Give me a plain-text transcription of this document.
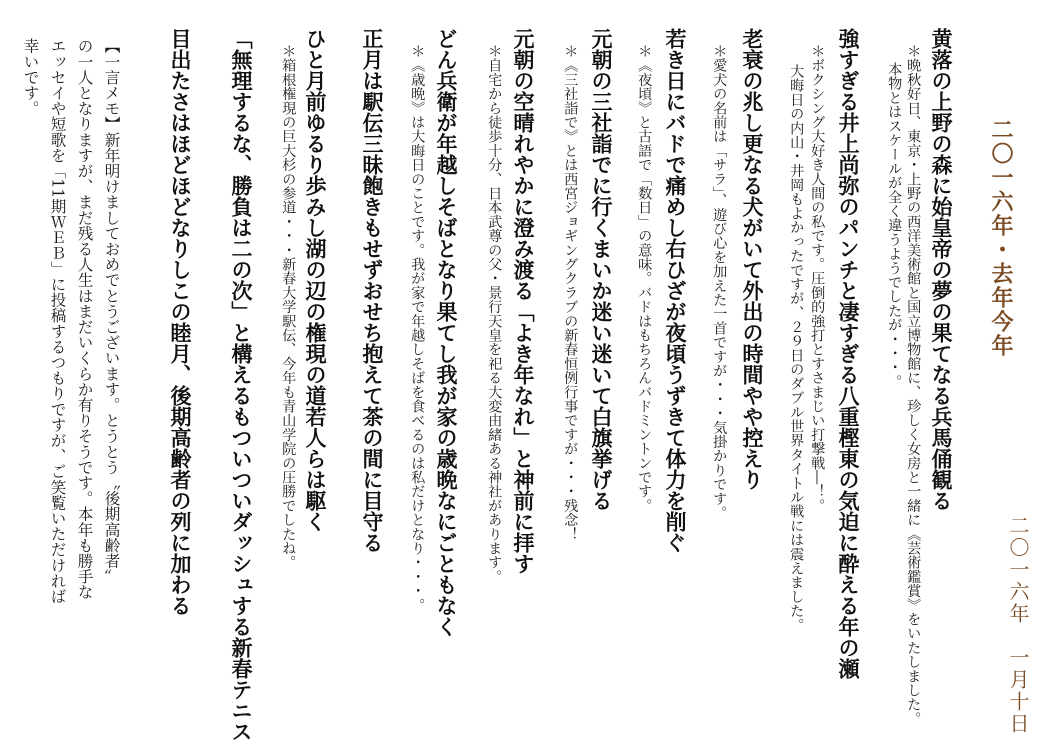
二〇一六年・去年今年
二〇一六年　一月十日
黄落の上野の森に始皇帝の夢の果てなる兵馬俑観る
＊晩秋好日、東京・上野の西洋美術館と国立博物館に、珍しく女房と一緒に《芸術鑑賞》をいたしました。
本物とはスケールが全く違うようでしたが・・・。
強すぎる井上尚弥のパンチと凄すぎる八重樫東の気迫に酔える年の瀬
＊ボクシング大好き人間の私です。圧倒的強打とすさまじい打撃戦―！。
大晦日の内山・井岡もよかったですが、２９日のダブル世界タイトル戦には震えました。
老衰の兆し更なる犬がいて外出の時間やや控えり
＊愛犬の名前は「サラ」、遊び心を加えた一首ですが・・・気掛かりです。
若き日にバドで痛めし右ひざが夜頃うずきて体力を削ぐ
＊《夜頃》と古語で「数日」の意味。バドはもちろんバドミントンです。
元朝の三社詣でに行くまいか迷い迷いて白旗挙げる
＊《三社詣で》とは西宮ジョギングクラブの新春恒例行事ですが・・・残念！
元朝の空晴れやかに澄み渡る「よき年なれ」と神前に拝す
＊自宅から徒歩十分、日本武尊の父・景行天皇を祀る大変由緒ある神社があります。
どん兵衛が年越しそばとなり果てし我が家の歳晩なにごともなく
＊《歳晩》は大晦日のことです。我が家で年越しそばを食べるのは私だけとなり・・・。
正月は駅伝三昧飽きもせずおせち抱えて茶の間に目守る
ひと月前ゆるり歩みし湖の辺の権現の道若人らは駆く
＊箱根権現の巨大杉の参道・・・新春大学駅伝、今年も青山学院の圧勝でしたね。
「無理するな、勝負は二の次」と構えるもついついダッシュする新春テニス
目出たさはほどほどなりしこの睦月、後期高齢者の列に加わる
【一言メモ】新年明けましておめでとうございます。とうとう〝後期高齢者〟
の一人となりますが、まだ残る人生はまだいくらか有りそうです。本年も勝手な
エッセイや短歌を「11期ＷＥＢ」に投稿するつもりですが、ご笑覧いただければ
幸いです。
